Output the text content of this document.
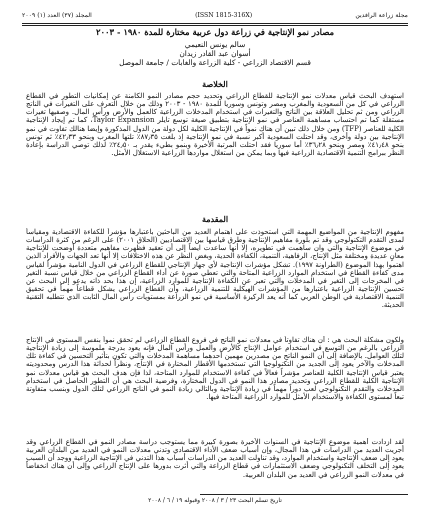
المجلد (٣٧) العدد (١) ٢٠٠٩	(ISSN 1815-316X)	مجلة زراعة الرافدين
مصادر نمو الإنتاجية في زراعة دول عربية مختارة للمدة ١٩٨٠ - ٢٠٠٣
سالم يونس النعيمي
أسوان عبد القادر زيدان
قسم الاقتصاد الزراعي - كلية الزراعة والغابات / جامعة الموصل
الخلاصة
استهدف البحث قياس معدلات نمو الإنتاجية للقطاع الزراعي وتحديد حجم مصادر النمو الكامنة عن إمكانيات التطور في القطاع الزراعي في كل من السعودية والمغرب ومصر وتونس وسوريا للمدة ١٩٨٠ - ٢٠٠٣ وذلك من خلال التعرف على التغيرات في الناتج الزراعي ومن ثم تحليل العلاقة بين الناتج والتغيرات في استخدام المدخلات الزراعية كالعمل والأرض ورأس المال. وصفيها تغيرات مستقلة كما تم احتساب مساهمة العناصر في نمو الإنتاجية بتطبيق صيغة توسع تايلر Taylor Expansion، كما تم إيجاد الإنتاجية الكلية للعناصر (TFP) ومن خلال ذلك تبين أن هناك نمواً في الإنتاجية الكلية لكل دولة من الدول المذكورة وإيضا هنالك تفاوت في نمو الإنتاجية بين دولة وأخرى، وقد احتلت السعودية أكبر نسبة في نمو الإنتاجية إذ بلغت ٨٧٫٣٥٪ تلتها المغرب وبنحو ٤٢٫٣٣٪ ثم تونس بنحو ٤١٫٤٨٪ ومصر وبنحو ٣٦٫٢٨٪ أما سوريا فقد احتلت المرتبة الأخيرة وبنمو بطيء يقدر بـ ٢٤٫٥٠٪ لذلك توصي الدراسة بإعادة النظر ببرامج التنمية الاقتصادية الزراعية فيها وبما يمكن من استغلال مواردها الزراعية الاستغلال الأمثل.
المقدمة
مفهوم الإنتاجية من المواضيع المهمة التي استحوذت على اهتمام العديد من الباحثين باعتبارها مؤشراً للكفاءة الاقتصادية ومقياساً لمدى التقدم التكنولوجي وقد تم بلورة مفاهيم الإنتاجية وطرق قياسها بين الاقتصاديين (الحلاق ٢٠٠١) على الرغم من كثرة الدراسات في موضوع الإنتاجية والتي وان ساهمت في تطويره، إلا أنها ساعدت ايضاً إلى أن تعقيد فظهرت مفاهيم متعددة أوضحت للإنتاجية معانٍ عديدة ومختلفة مثل الإنتاج، الرفاهية، التنمية، الكفاءة الحدية، وبغض النظر عن هذه الاختلافات إلا أنها تعد الجهات والأفراد الذين اهتموا بهذا الموضوع (الطراونة ١٩٩٧). تشكل مؤشرات الإنتاجية لأي جهاز الإنتاجي للقطاع الزراعي في الدول النامية مؤشراً لقياس مدى كفاءة القطاع في استخدام الموارد الزراعية المتاحة والتي تعطي صورة عن أداء القطاع الزراعي من خلال قياس نسبة التغير في المخرجات إلى التغير في المدخلات والتي تعبر عن الكفاءة الإنتاجية للموارد الزراعية، إن هذا بحد ذاته يدعو إلى البحث عن تحسين الإنتاجية الزراعية باعتبارها من المؤشرات الهيكلية للتنمية الزراعية، وأن القطاع الزراعي يشكل قطاعاً مهماً في تحقيق التنمية الاقتصادية في الوطن العربي كما أنه يعد الركيزة الأساسية في نمو الزراعة بمستويات رأس المال الثابت الذي تتطلبه التقنية الحديثة.
ولكون مشكلة البحث هي : أن هناك تفاوتاً في معدلات نمو الناتج في فروع القطاع الزراعي لم تحقق نمواً بنفس المستوى في الإنتاج الزراعي بالرغم من التوسع في استخدام عوامل الإنتاج كالأرض والعمل ورأس المال فإنه يعود بدرجة ملموسة إلى زيادة الإنتاجية لتلك العوامل. بالإضافة إلى أن النمو الناتج من مصدرين مهمين أحدهما مساهمة المدخلات والتي تكون بتأثير التحسين في كفاءة تلك المدخلات والآخر يعود إلى الجديد من التكنولوجيا التي تستخدمها الأقطار المختارة في الإنتاج، ونظراً لحداثة هذا الدرس ومحدوديته يعتبر قياس الإنتاجية الكلية للعناصر مؤشراً فعالاً في كفاءة الاستخدام للموارد المتاحة، لذا فإن هدف البحث هو قياس معدلات نمو الإنتاجية الكلية للقطاع الزراعي وتحديد مصادر هذا النمو في الدول المختارة، وفرضية البحث هي أن التطور الحاصل في استخدام المدخلات والتقدم التكنولوجي لعب دوراً مهماً في زيادة الإنتاجية وبالتالي زيادة النمو في الناتج الزراعي لتلك الدول وبنسب متفاوتة تبعاً لمستوى الكفاءة والاستخدام الأمثل للموارد الزراعية المتاحة فيها.
لقد ازدادت أهمية موضوع الإنتاجية في السنوات الأخيرة بصورة كبيرة مما يستوجب دراسة مصادر النمو في القطاع الزراعي وقد أجريت العديد من الدراسات في هذا المجال، وإن أسباب ضعف الأداء الاقتصادي وتدني معدلات النمو في العديد من البلدان العربية يعود إلى ضعف الإنتاجية واستخدام الموارد، وقد تناولت العديد من الدراسات أسباب هذا التدني في الإنتاجية الزراعية ووجد أن السبب يعود إلى التخلف التكنولوجي وضعف الاستثمارات في قطاع الزراعة والتي أثرت بدورها على الإنتاج الزراعي وإلى أن هناك انخفاضاً في معدلات النمو الزراعي في العديد من البلدان العربية.
تاريخ تسلم البحث ٢٣ / ٣ / ٢٠٠٨ وقبوله ١٩ / ٦ / ٢٠٠٨
